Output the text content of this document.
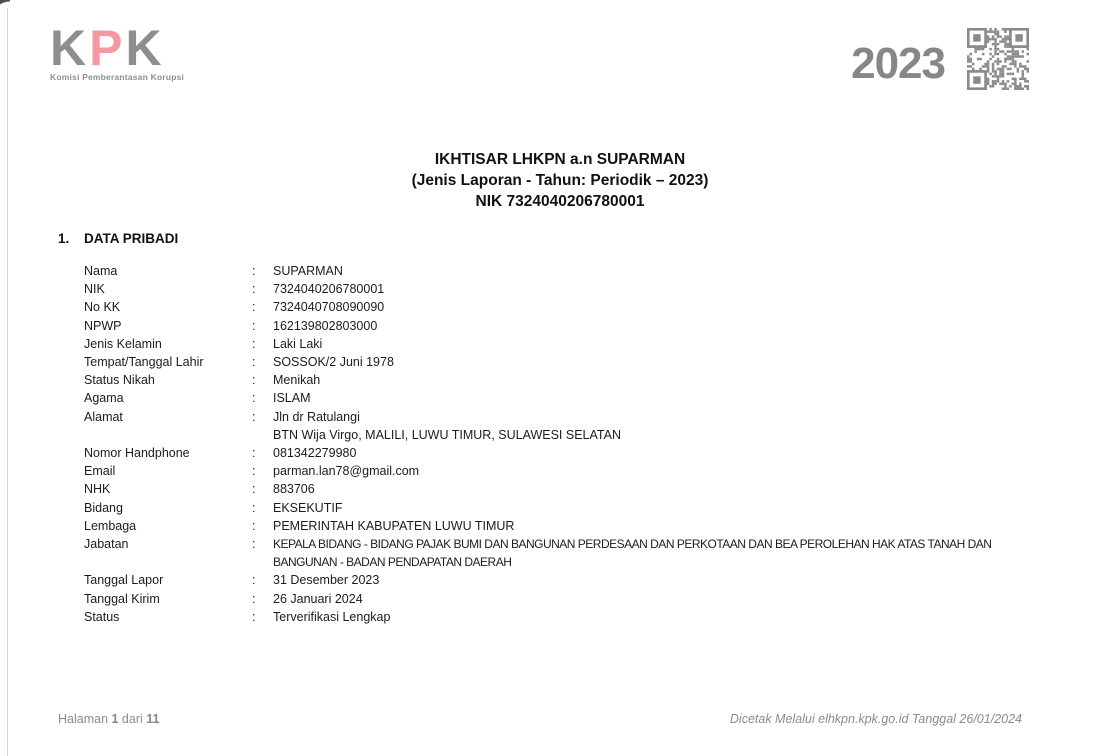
KPK
Komisi Pemberantasan Korupsi	2023
IKHTISAR LHKPN a.n SUPARMAN
(Jenis Laporan - Tahun: Periodik – 2023)
NIK 7324040206780001
1.	DATA PRIBADI
Nama	:	SUPARMAN
NIK	:	7324040206780001
No KK	:	7324040708090090
NPWP	:	162139802803000
Jenis Kelamin	:	Laki Laki
Tempat/Tanggal Lahir	:	SOSSOK/2 Juni 1978
Status Nikah	:	Menikah
Agama	:	ISLAM
Alamat	:	Jln dr Ratulangi
BTN Wija Virgo, MALILI, LUWU TIMUR, SULAWESI SELATAN
Nomor Handphone	:	081342279980
Email	:	parman.lan78@gmail.com
NHK	:	883706
Bidang	:	EKSEKUTIF
Lembaga	:	PEMERINTAH KABUPATEN LUWU TIMUR
Jabatan	:	KEPALA BIDANG - BIDANG PAJAK BUMI DAN BANGUNAN PERDESAAN DAN PERKOTAAN DAN BEA PEROLEHAN HAK ATAS TANAH DAN
BANGUNAN - BADAN PENDAPATAN DAERAH
Tanggal Lapor	:	31 Desember 2023
Tanggal Kirim	:	26 Januari 2024
Status	:	Terverifikasi Lengkap
Halaman 1 dari 11	Dicetak Melalui elhkpn.kpk.go.id Tanggal 26/01/2024
